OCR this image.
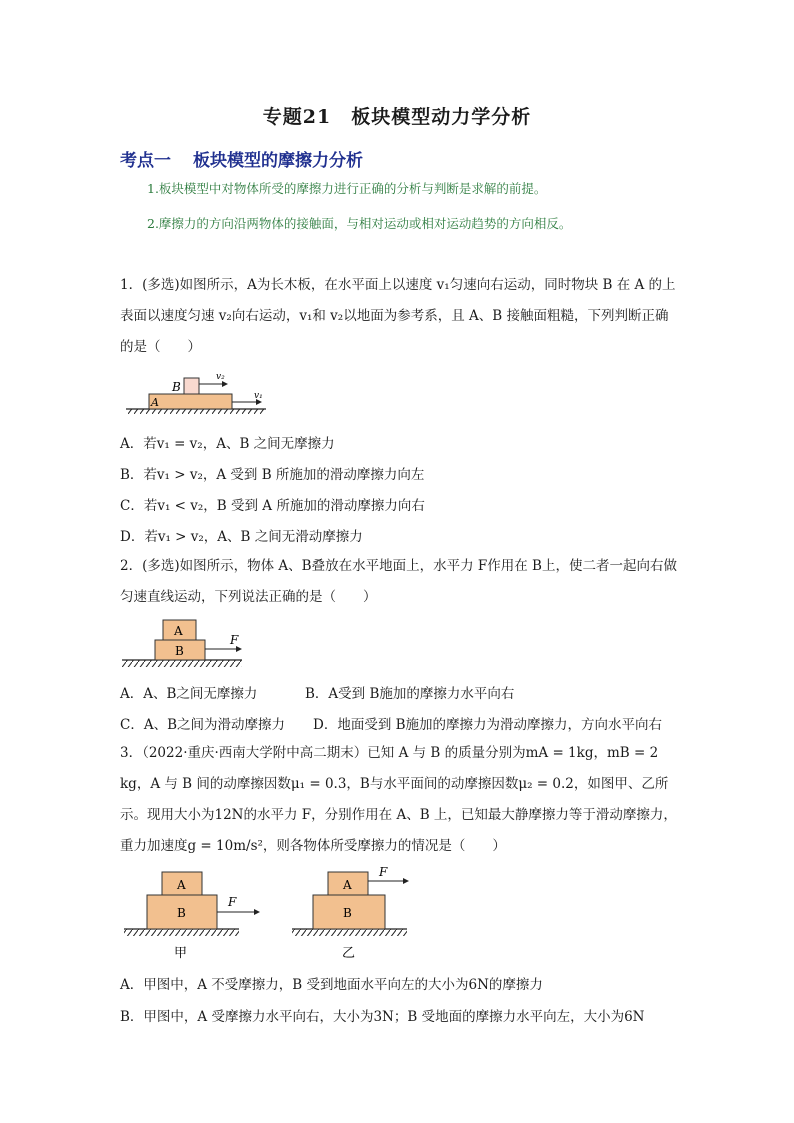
专题21　板块模型动力学分析
考点一 板块模型的摩擦力分析
1.板块模型中对物体所受的摩擦力进行正确的分析与判断是求解的前提。
2.摩擦力的方向沿两物体的接触面，与相对运动或相对运动趋势的方向相反。
1．(多选)如图所示，A为长木板，在水平面上以速度 v₁匀速向右运动，同时物块 B 在 A 的上表面以速度匀速 v₂向右运动，v₁和 v₂以地面为参考系，且 A、B 接触面粗糙，下列判断正确的是（　　）
B
A
v₂
v₁
A．若v₁ = v₂，A、B 之间无摩擦力
B．若v₁ > v₂，A 受到 B 所施加的滑动摩擦力向左
C．若v₁ < v₂，B 受到 A 所施加的滑动摩擦力向右
D．若v₁ > v₂，A、B 之间无滑动摩擦力
2．(多选)如图所示，物体 A、B叠放在水平地面上，水平力 F作用在 B上，使二者一起向右做匀速直线运动，下列说法正确的是（　　）
A
B
F
A．A、B之间无摩擦力	B．A受到 B施加的摩擦力水平向右
C．A、B之间为滑动摩擦力 D．地面受到 B施加的摩擦力为滑动摩擦力，方向水平向右
3．（2022·重庆·西南大学附中高二期末）已知 A 与 B 的质量分别为mA = 1kg，mB = 2 kg，A 与 B 间的动摩擦因数μ₁ = 0.3，B与水平面间的动摩擦因数μ₂ = 0.2，如图甲、乙所示。现用大小为12N的水平力 F，分别作用在 A、B 上，已知最大静摩擦力等于滑动摩擦力，重力加速度g = 10m/s²，则各物体所受摩擦力的情况是（　　）
A
B
F
甲
A
B
F
乙
A．甲图中，A 不受摩擦力，B 受到地面水平向左的大小为6N的摩擦力
B．甲图中，A 受摩擦力水平向右，大小为3N；B 受地面的摩擦力水平向左，大小为6N
